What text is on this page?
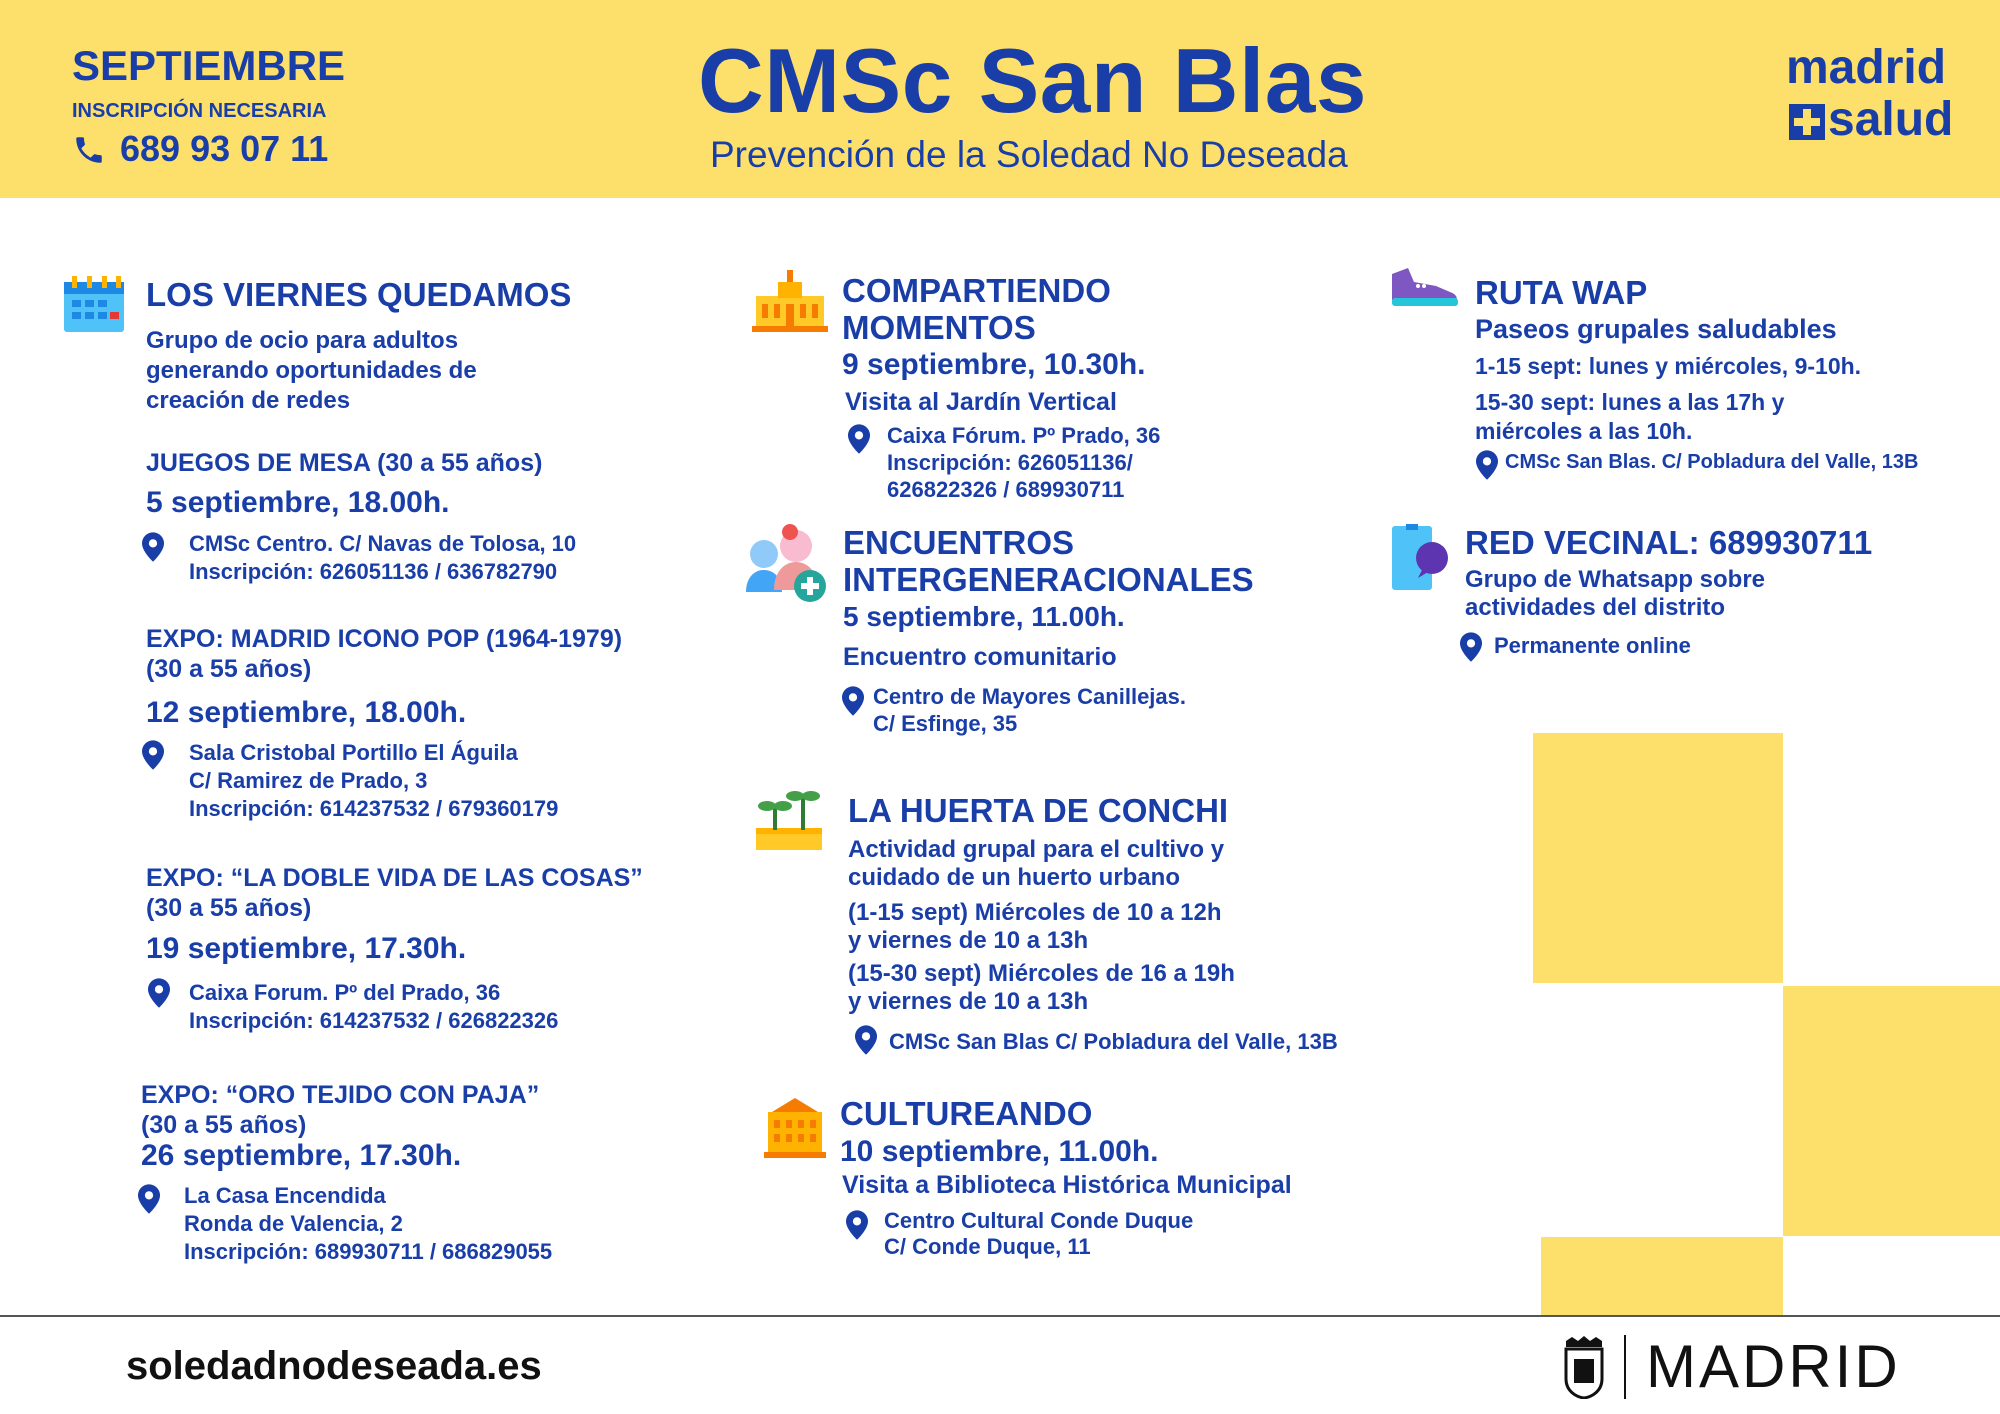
SEPTIEMBRE
INSCRIPCIÓN NECESARIA
689 93 07 11
CMSc San Blas
Prevención de la Soledad No Deseada
madrid
salud
LOS VIERNES QUEDAMOS
Grupo de ocio para adultos
generando oportunidades de
creación de redes
JUEGOS DE MESA (30 a 55 años)
5 septiembre, 18.00h.
CMSc Centro. C/ Navas de Tolosa, 10
Inscripción: 626051136 / 636782790
EXPO: MADRID ICONO POP (1964-1979)
(30 a 55 años)
12 septiembre, 18.00h.
Sala Cristobal Portillo El Águila
C/ Ramirez de Prado, 3
Inscripción: 614237532 / 679360179
EXPO: “LA DOBLE VIDA DE LAS COSAS”
(30 a 55 años)
19 septiembre, 17.30h.
Caixa Forum. Pº del Prado, 36
Inscripción: 614237532 / 626822326
EXPO: “ORO TEJIDO CON PAJA”
(30 a 55 años)
26 septiembre, 17.30h.
La Casa Encendida
Ronda de Valencia, 2
Inscripción: 689930711 / 686829055
COMPARTIENDO
MOMENTOS
9 septiembre, 10.30h.
Visita al Jardín Vertical
Caixa Fórum. Pº Prado, 36
Inscripción: 626051136/
626822326 / 689930711
ENCUENTROS
INTERGENERACIONALES
5 septiembre, 11.00h.
Encuentro comunitario
Centro de Mayores Canillejas.
C/ Esfinge, 35
LA HUERTA DE CONCHI
Actividad grupal para el cultivo y
cuidado de un huerto urbano
(1-15 sept) Miércoles de 10 a 12h
y viernes de 10 a 13h
(15-30 sept) Miércoles de 16 a 19h
y viernes de 10 a 13h
CMSc San Blas C/ Pobladura del Valle, 13B
CULTUREANDO
10 septiembre, 11.00h.
Visita a Biblioteca Histórica Municipal
Centro Cultural Conde Duque
C/ Conde Duque, 11
RUTA WAP
Paseos grupales saludables
1-15 sept: lunes y miércoles, 9-10h.
15-30 sept: lunes a las 17h y
miércoles a las 10h.
CMSc San Blas. C/ Pobladura del Valle, 13B
RED VECINAL: 689930711
Grupo de Whatsapp sobre
actividades del distrito
Permanente online
soledadnodeseada.es	MADRID
